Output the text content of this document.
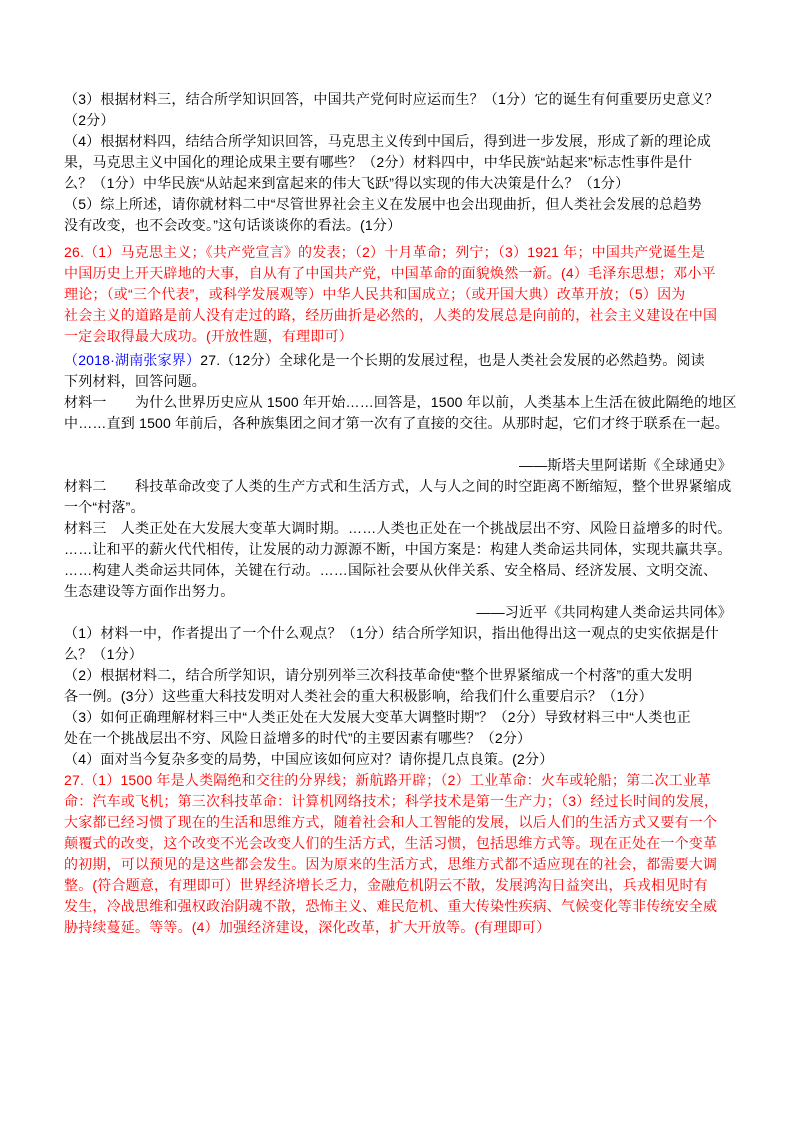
（3）根据材料三，结合所学知识回答，中国共产党何时应运而生？（1分）它的诞生有何重要历史意义？
（2分）
（4）根据材料四，结结合所学知识回答，马克思主义传到中国后，得到进一步发展，形成了新的理论成
果，马克思主义中国化的理论成果主要有哪些？（2分）材料四中，中华民族“站起来”标志性事件是什
么？（1分）中华民族“从站起来到富起来的伟大飞跃”得以实现的伟大决策是什么？（1分）
（5）综上所述，请你就材料二中“尽管世界社会主义在发展中也会出现曲折，但人类社会发展的总趋势
没有改变，也不会改变。”这句话谈谈你的看法。(1分）
26.（1）马克思主义；《共产党宣言》的发表；（2）十月革命；列宁；（3）1921 年；中国共产党诞生是
中国历史上开天辟地的大事，自从有了中国共产党，中国革命的面貌焕然一新。(4）毛泽东思想；邓小平
理论；（或“三个代表”，或科学发展观等）中华人民共和国成立；（或开国大典）改革开放；（5）因为
社会主义的道路是前人没有走过的路，经历曲折是必然的，人类的发展总是向前的，社会主义建设在中国
一定会取得最大成功。(开放性题，有理即可）
（2018·湖南张家界）27.（12分）全球化是一个长期的发展过程，也是人类社会发展的必然趋势。阅读
下列材料，回答问题。
材料一　　为什么世界历史应从 1500 年开始……回答是，1500 年以前，人类基本上生活在彼此隔绝的地区
中……直到 1500 年前后，各种族集团之间才第一次有了直接的交往。从那时起，它们才终于联系在一起。

——斯塔夫里阿诺斯《全球通史》
材料二　　科技革命改变了人类的生产方式和生活方式，人与人之间的时空距离不断缩短，整个世界紧缩成
一个“村落”。
材料三　人类正处在大发展大变革大调时期。……人类也正处在一个挑战层出不穷、风险日益增多的时代。
……让和平的薪火代代相传，让发展的动力源源不断，中国方案是：构建人类命运共同体，实现共赢共享。
……构建人类命运共同体，关键在行动。……国际社会要从伙伴关系、安全格局、经济发展、文明交流、
生态建设等方面作出努力。
——习近平《共同构建人类命运共同体》
（1）材料一中，作者提出了一个什么观点？（1分）结合所学知识，指出他得出这一观点的史实依据是什
么？（1分）
（2）根据材料二，结合所学知识，请分别列举三次科技革命使“整个世界紧缩成一个村落”的重大发明
各一例。(3分）这些重大科技发明对人类社会的重大积极影响，给我们什么重要启示？（1分）
（3）如何正确理解材料三中“人类正处在大发展大变革大调整时期”？（2分）导致材料三中“人类也正
处在一个挑战层出不穷、风险日益增多的时代”的主要因素有哪些？（2分）
（4）面对当今复杂多变的局势，中国应该如何应对？请你提几点良策。(2分）
27.（1）1500 年是人类隔绝和交往的分界线；新航路开辟；（2）工业革命：火车或轮船；第二次工业革
命：汽车或飞机；第三次科技革命：计算机网络技术；科学技术是第一生产力；（3）经过长时间的发展，
大家都已经习惯了现在的生活和思维方式，随着社会和人工智能的发展，以后人们的生活方式又要有一个
颠覆式的改变，这个改变不光会改变人们的生活方式，生活习惯，包括思维方式等。现在正处在一个变革
的初期，可以预见的是这些都会发生。因为原来的生活方式，思维方式都不适应现在的社会，都需要大调
整。(符合题意，有理即可）世界经济增长乏力，金融危机阴云不散，发展鸿沟日益突出，兵戎相见时有
发生，冷战思维和强权政治阴魂不散，恐怖主义、难民危机、重大传染性疾病、气候变化等非传统安全威
胁持续蔓延。等等。(4）加强经济建设，深化改革，扩大开放等。(有理即可）
